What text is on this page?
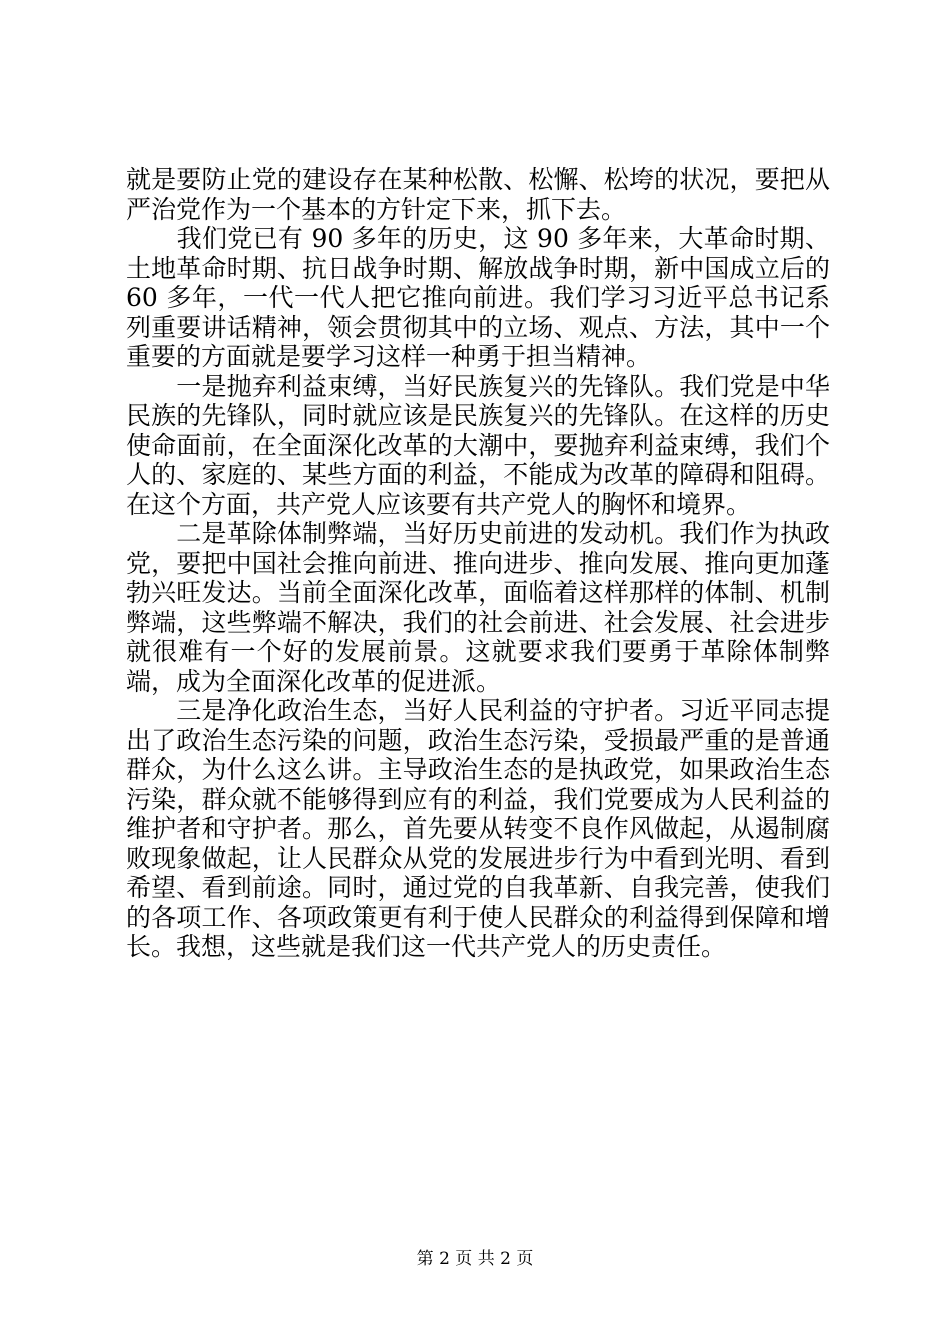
就是要防止党的建设存在某种松散、松懈、松垮的状况，要把从严治党作为一个基本的方针定下来，抓下去。

　　我们党已有 90 多年的历史，这 90 多年来，大革命时期、土地革命时期、抗日战争时期、解放战争时期，新中国成立后的60 多年，一代一代人把它推向前进。我们学习习近平总书记系列重要讲话精神，领会贯彻其中的立场、观点、方法，其中一个重要的方面就是要学习这样一种勇于担当精神。

　　一是抛弃利益束缚，当好民族复兴的先锋队。我们党是中华民族的先锋队，同时就应该是民族复兴的先锋队。在这样的历史使命面前，在全面深化改革的大潮中，要抛弃利益束缚，我们个人的、家庭的、某些方面的利益，不能成为改革的障碍和阻碍。在这个方面，共产党人应该要有共产党人的胸怀和境界。

　　二是革除体制弊端，当好历史前进的发动机。我们作为执政党，要把中国社会推向前进、推向进步、推向发展、推向更加蓬勃兴旺发达。当前全面深化改革，面临着这样那样的体制、机制弊端，这些弊端不解决，我们的社会前进、社会发展、社会进步就很难有一个好的发展前景。这就要求我们要勇于革除体制弊端，成为全面深化改革的促进派。

　　三是净化政治生态，当好人民利益的守护者。习近平同志提出了政治生态污染的问题，政治生态污染，受损最严重的是普通群众，为什么这么讲。主导政治生态的是执政党，如果政治生态污染，群众就不能够得到应有的利益，我们党要成为人民利益的维护者和守护者。那么，首先要从转变不良作风做起，从遏制腐败现象做起，让人民群众从党的发展进步行为中看到光明、看到希望、看到前途。同时，通过党的自我革新、自我完善，使我们的各项工作、各项政策更有利于使人民群众的利益得到保障和增长。我想，这些就是我们这一代共产党人的历史责任。

第 2 页 共 2 页
